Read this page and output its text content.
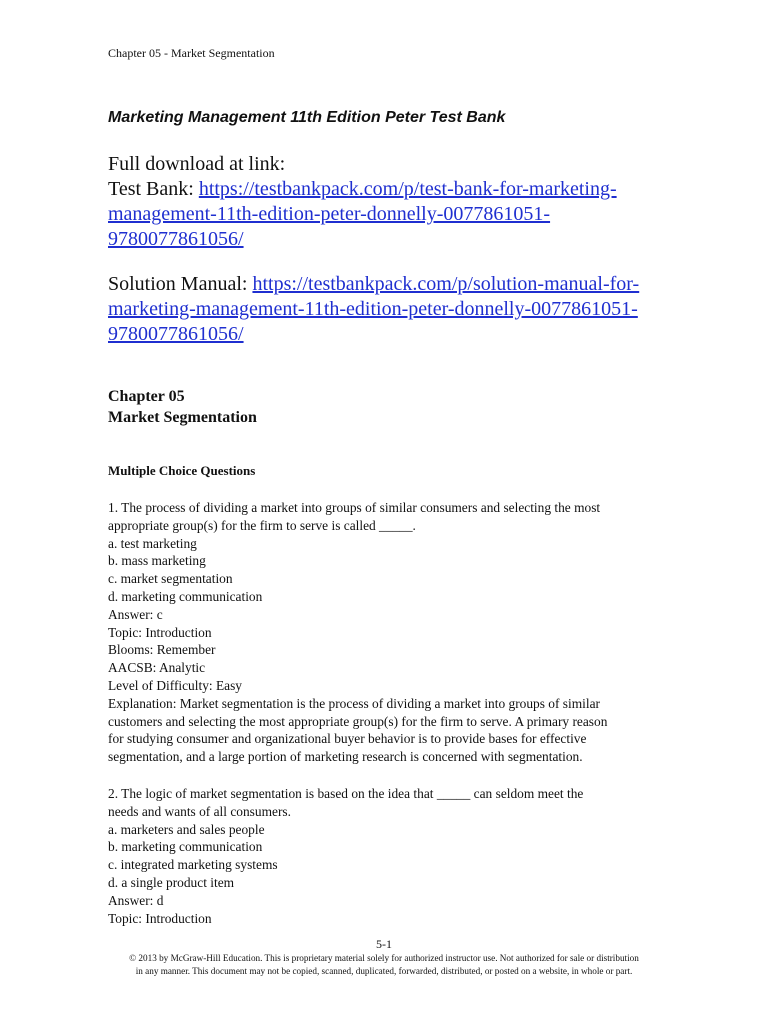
Chapter 05 - Market Segmentation
Marketing Management 11th Edition Peter Test Bank
Full download at link:
Test Bank: https://testbankpack.com/p/test-bank-for-marketing-
management-11th-edition-peter-donnelly-0077861051-
9780077861056/
Solution Manual: https://testbankpack.com/p/solution-manual-for-
marketing-management-11th-edition-peter-donnelly-0077861051-
9780077861056/
Chapter 05
Market Segmentation
Multiple Choice Questions
1. The process of dividing a market into groups of similar consumers and selecting the most
appropriate group(s) for the firm to serve is called _____.
a. test marketing
b. mass marketing
c. market segmentation
d. marketing communication
Answer: c
Topic: Introduction
Blooms: Remember
AACSB: Analytic
Level of Difficulty: Easy
Explanation: Market segmentation is the process of dividing a market into groups of similar
customers and selecting the most appropriate group(s) for the firm to serve. A primary reason
for studying consumer and organizational buyer behavior is to provide bases for effective
segmentation, and a large portion of marketing research is concerned with segmentation.
2. The logic of market segmentation is based on the idea that _____ can seldom meet the
needs and wants of all consumers.
a. marketers and sales people
b. marketing communication
c. integrated marketing systems
d. a single product item
Answer: d
Topic: Introduction
5-1
© 2013 by McGraw-Hill Education. This is proprietary material solely for authorized instructor use. Not authorized for sale or distribution
in any manner. This document may not be copied, scanned, duplicated, forwarded, distributed, or posted on a website, in whole or part.
